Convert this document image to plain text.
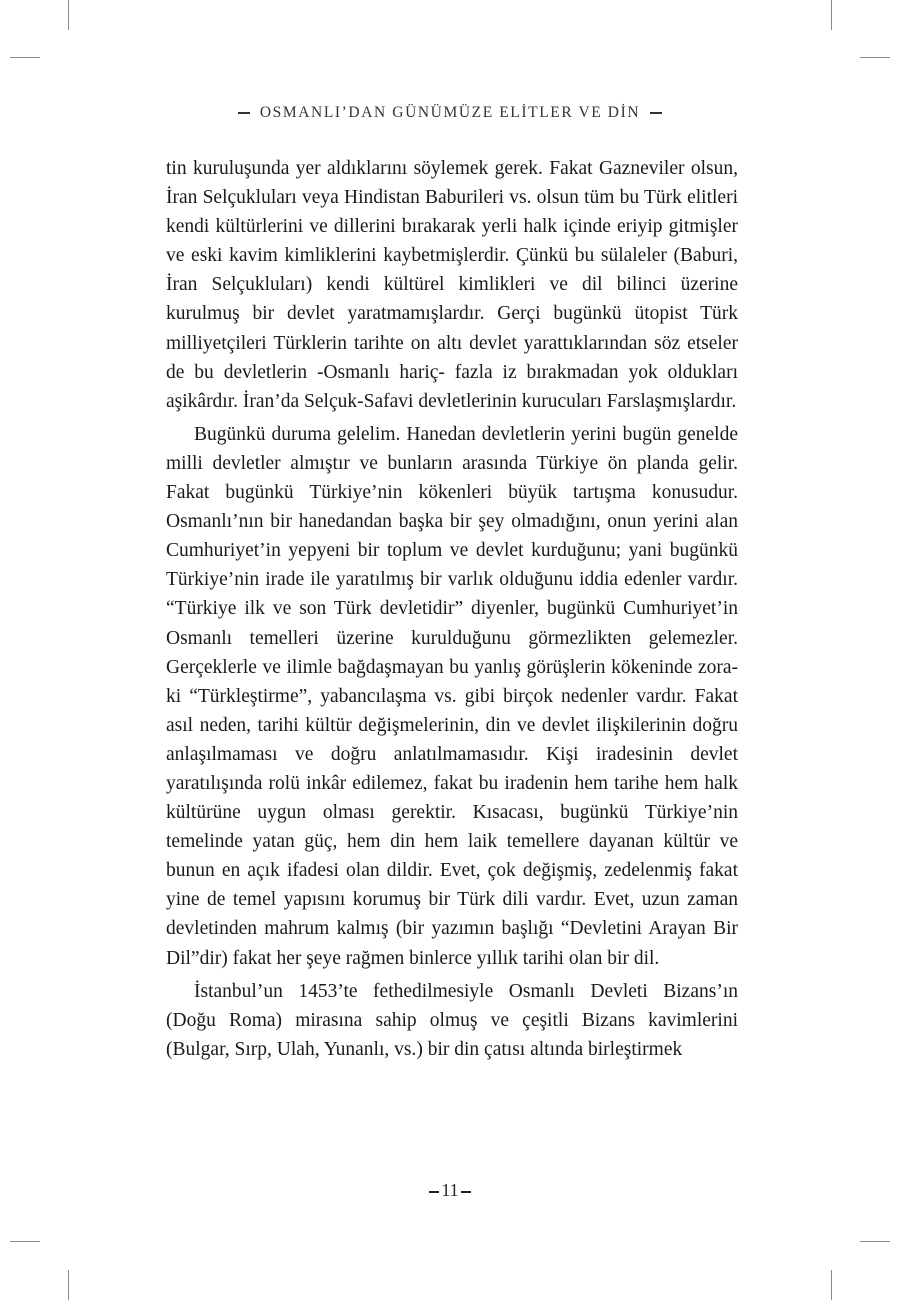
OSMANLI’DAN GÜNÜMÜZE ELİTLER VE DİN

tin kuruluşunda yer aldıklarını söylemek gerek. Fakat Gazneviler olsun, İran Selçukluları veya Hindistan Baburileri vs. olsun tüm bu Türk elitleri kendi kültürlerini ve dillerini bırakarak yerli halk içinde eriyip gitmişler ve eski kavim kimliklerini kaybetmişlerdir. Çünkü bu sülaleler (Baburi, İran Selçukluları) kendi kültürel kimlikleri ve dil bilinci üzerine kurulmuş bir devlet yaratmamışlardır. Gerçi bugünkü ütopist Türk milliyetçileri Türklerin tarihte on altı devlet yarattıklarından söz etseler de bu devletlerin -Osmanlı hariç- fazla iz bırakmadan yok oldukları aşikârdır. İran’da Selçuk-Safavi devletlerinin kurucuları Farslaşmışlardır.

Bugünkü duruma gelelim. Hanedan devletlerin yerini bugün genelde milli devletler almıştır ve bunların arasında Türkiye ön planda gelir. Fakat bugünkü Türkiye’nin kökenleri büyük tartışma konusudur. Osmanlı’nın bir hanedandan başka bir şey olmadığını, onun yerini alan Cumhuriyet’in yepyeni bir toplum ve devlet kurduğunu; yani bugünkü Türkiye’nin irade ile yaratılmış bir varlık olduğunu iddia edenler vardır. “Türkiye ilk ve son Türk devletidir” diyenler, bugünkü Cumhuriyet’in Osmanlı temelleri üzerine kurulduğunu görmezlikten gelemezler. Gerçeklerle ve ilimle bağdaşmayan bu yanlış görüşlerin kökeninde zoraki “Türkleştirme”, yabancılaşma vs. gibi birçok nedenler vardır. Fakat asıl neden, tarihi kültür değişmelerinin, din ve devlet ilişkilerinin doğru anlaşılmaması ve doğru anlatılmamasıdır. Kişi iradesinin devlet yaratılışında rolü inkâr edilemez, fakat bu iradenin hem tarihe hem halk kültürüne uygun olması gerektir. Kısacası, bugünkü Türkiye’nin temelinde yatan güç, hem din hem laik temellere dayanan kültür ve bunun en açık ifadesi olan dildir. Evet, çok değişmiş, zedelenmiş fakat yine de temel yapısını korumuş bir Türk dili vardır. Evet, uzun zaman devletinden mahrum kalmış (bir yazımın başlığı “Devletini Arayan Bir Dil”dir) fakat her şeye rağmen binlerce yıllık tarihi olan bir dil.

İstanbul’un 1453’te fethedilmesiyle Osmanlı Devleti Bizans’ın (Doğu Roma) mirasına sahip olmuş ve çeşitli Bizans kavimlerini (Bulgar, Sırp, Ulah, Yunanlı, vs.) bir din çatısı altında birleştirmek

11
